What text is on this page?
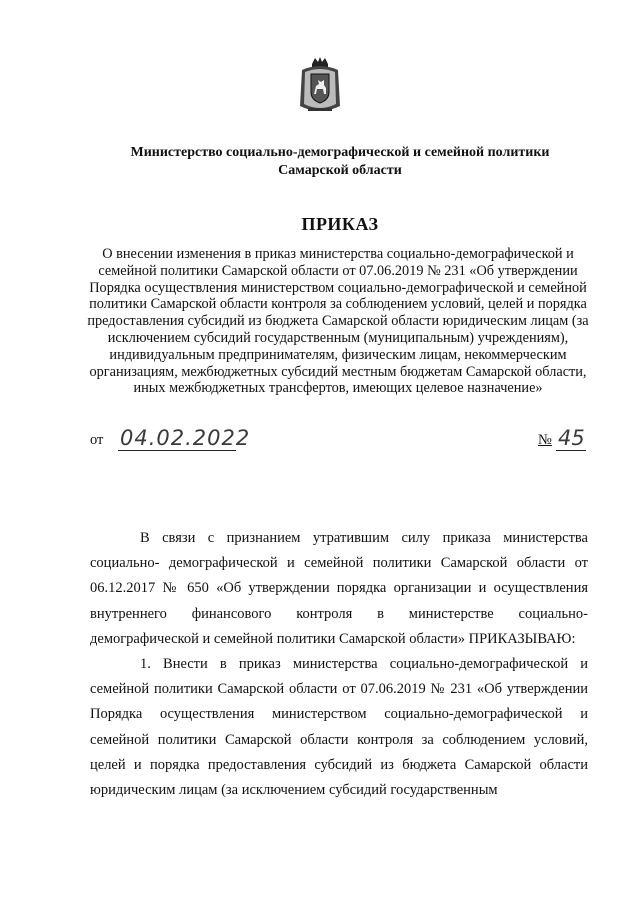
Министерство социально-демографической и семейной политики
Самарской области
ПРИКАЗ
О внесении изменения в приказ министерства социально-демографической и семейной политики Самарской области от 07.06.2019 № 231 «Об утверждении Порядка осуществления министерством социально-демографической и семейной политики Самарской области контроля за соблюдением условий, целей и порядка предоставления субсидий из бюджета Самарской области юридическим лицам (за исключением субсидий государственным (муниципальным) учреждениям), индивидуальным предпринимателям, физическим лицам, некоммерческим организациям, межбюджетных субсидий местным бюджетам Самарской области, иных межбюджетных трансфертов, имеющих целевое назначение»
от 04.02.2022	№ 45

В связи с признанием утратившим силу приказа министерства социально- демографической и семейной политики Самарской области от 06.12.2017 № 650 «Об утверждении порядка организации и осуществления внутреннего финансового контроля в министерстве социально-демографической и семейной политики Самарской области» ПРИКАЗЫВАЮ:

1. Внести в приказ министерства социально-демографической и семейной политики Самарской области от 07.06.2019 № 231 «Об утверждении Порядка осуществления министерством социально-демографической и семейной политики Самарской области контроля за соблюдением условий, целей и порядка предоставления субсидий из бюджета Самарской области юридическим лицам (за исключением субсидий государственным
